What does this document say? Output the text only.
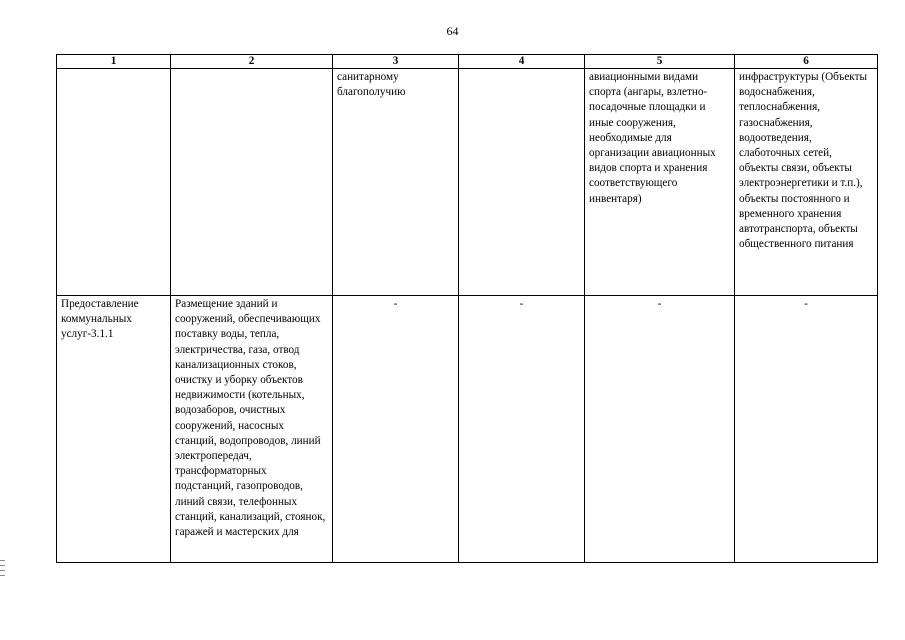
64
1	2	3	4	5	6
		санитарному благополучию		авиационными видами спорта (ангары, взлетно-посадочные площадки и иные сооружения, необходимые для организации авиационных видов спорта и хранения соответствующего инвентаря)	инфраструктуры (Объекты водоснабжения, теплоснабжения, газоснабжения, водоотведения, слаботочных сетей, объекты связи, объекты электроэнергетики и т.п.), объекты постоянного и временного хранения автотранспорта, объекты общественного питания
Предоставление коммунальных услуг-3.1.1	Размещение зданий и сооружений, обеспечивающих поставку воды, тепла, электричества, газа, отвод канализационных стоков, очистку и уборку объектов недвижимости (котельных, водозаборов, очистных сооружений, насосных станций, водопроводов, линий электропередач, трансформаторных подстанций, газопроводов, линий связи, телефонных станций, канализаций, стоянок, гаражей и мастерских для	-	-	-	-
